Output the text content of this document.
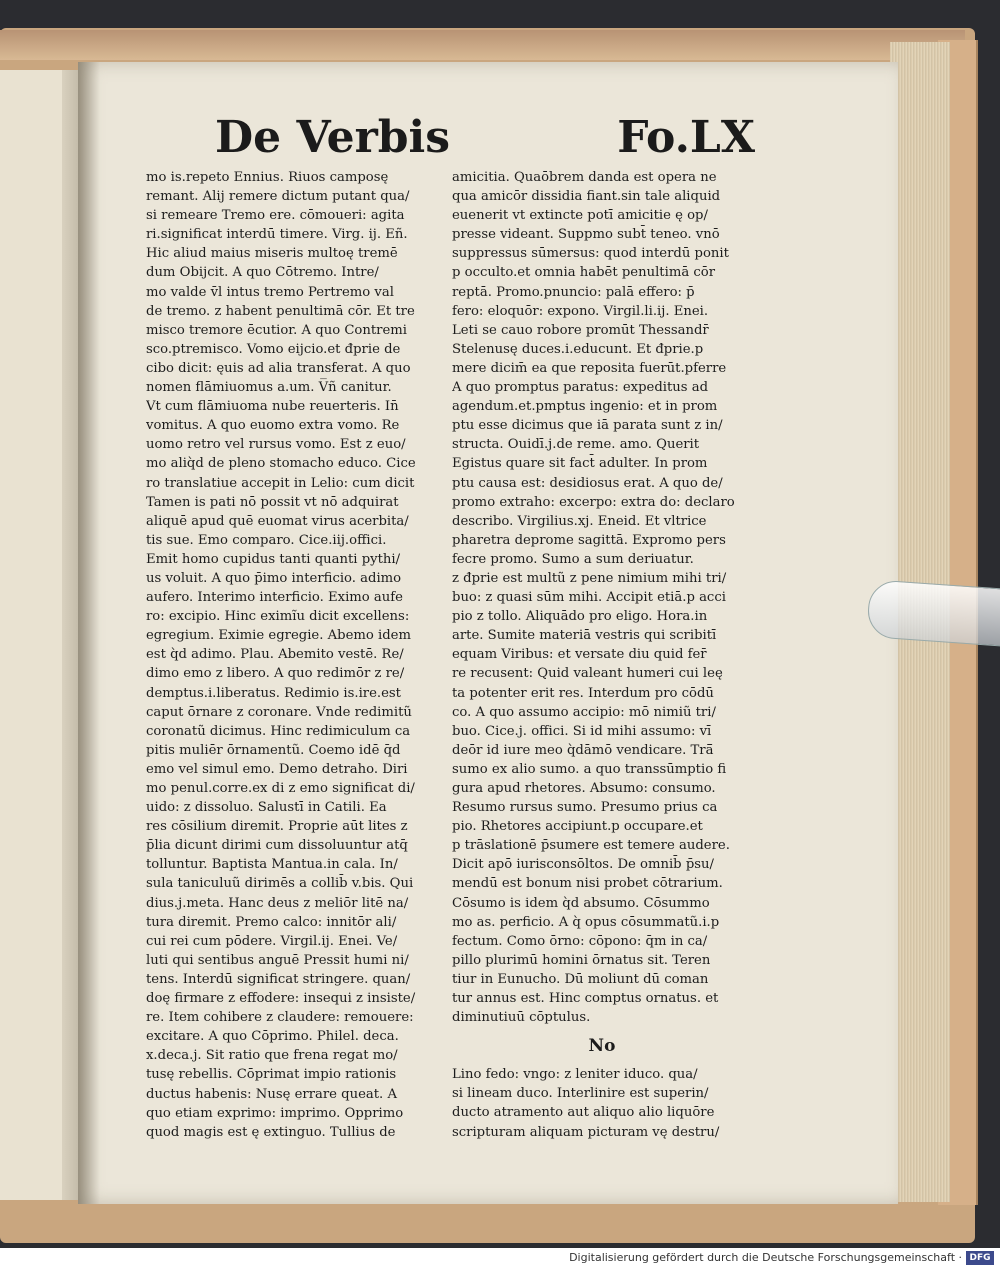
De Verbis	Fo.LX
mo is.repeto Ennius. Riuos camposę
remant. Alij remere dictum putant qua/
si remeare Tremo ere. cōmoueri: agita
ri.significat interdū timere. Virg. ij. Eñ.
Hic aliud maius miseris multoę tremē
dum Obijcit. A quo Cōtremo. Intre/
mo valde v̄l intus tremo Pertremo val
de tremo. z habent penultimā cōr. Et tre
misco tremore ēcutior. A quo Contremi
sco.ptremisco. Vomo eijcio.et đprie de
cibo dicit: ęuis ad alia transferat. A quo
nomen flāmiuomus a.um. V̅ñ canitur.
Vt cum flāmiuoma nube reuerteris. In̄
vomitus. A quo euomo extra vomo. Re
uomo retro vel rursus vomo. Est z euo/
mo aliq̀d de pleno stomacho educo. Cice
ro translatiue accepit in Lelio: cum dicit
Tamen is pati nō possit vt nō adquirat
aliquē apud quē euomat virus acerbita/
tis sue. Emo comparo. Cice.iij.offici.
Emit homo cupidus tanti quanti pythi/
us voluit. A quo p̄imo interficio. adimo
aufero. Interimo interficio. Eximo aufe
ro: excipio. Hinc eximĩu dicit excellens:
egregium. Eximie egregie. Abemo idem
est q̀d adimo. Plau. Abemito vestē. Re/
dimo emo z libero. A quo redimōr z re/
demptus.i.liberatus. Redimio is.ire.est
caput ōrnare z coronare. Vnde redimitũ
coronatũ dicimus. Hinc redimiculum ca
pitis muliēr ōrnamentũ. Coemo idē q̄d
emo vel simul emo. Demo detraho. Diri
mo penul.corre.ex di z emo significat di/
uido: z dissoluo. Salustī in Catili. Ea
res cōsilium diremit. Proprie aūt lites z
p̄lia dicunt dirimi cum dissoluuntur atq̄
tolluntur. Baptista Mantua.in cala. In/
sula taniculuũ dirimēs a collib̄ v.bis. Qui
dius.j.meta. Hanc deus z meliōr litē na/
tura diremit. Premo calco: innitōr ali/
cui rei cum pōdere. Virgil.ij. Enei. Ve/
luti qui sentibus anguē Pressit humi ni/
tens. Interdū significat stringere. quan/
doę firmare z effodere: insequi z insiste/
re. Item cohibere z claudere: remouere:
excitare. A quo Cōprimo. Philel. deca.
x.deca.j. Sit ratio que frena regat mo/
tusę rebellis. Cōprimat impio rationis
ductus habenis: Nusę errare queat. A
quo etiam exprimo: imprimo. Opprimo
quod magis est ę extinguo. Tullius de
amicitia. Quaōbrem danda est opera ne
qua amicōr dissidia fiant.sin tale aliquid
euenerit vt extincte potī amicitie ę op/
presse videant. Suppmo subt̄ teneo. vnō
suppressus sūmersus: quod interdū ponit
p occulto.et omnia habēt penultimā cōr
reptā. Promo.pnuncio: palā effero: p̄
fero: eloquōr: expono. Virgil.li.ij. Enei.
Leti se cauo robore promūt Thessandr̄
Stelenusę duces.i.educunt. Et đprie.p
mere dicim̄ ea que reposita fuerūt.pferre
A quo promptus paratus: expeditus ad
agendum.et.pmptus ingenio: et in prom
ptu esse dicimus que iā parata sunt z in/
structa. Ouidī.j.de reme. amo. Querit
Egistus quare sit fact̄ adulter. In prom
ptu causa est: desidiosus erat. A quo de/
promo extraho: excerpo: extra do: declaro
describo. Virgilius.xj. Eneid. Et vltrice
pharetra deprome sagittā. Expromo pers
fecre promo. Sumo a sum deriuatur.
z đprie est multũ z pene nimium mihi tri/
buo: z quasi sūm mihi. Accipit etiā.p acci
pio z tollo. Aliquādo pro eligo. Hora.in
arte. Sumite materiā vestris qui scribitī
equam Viribus: et versate diu quid fer̄
re recusent: Quid valeant humeri cui leę
ta potenter erit res. Interdum pro cōdū
co. A quo assumo accipio: mō nimiũ tri/
buo. Cice.j. offici. Si id mihi assumo: vī
deōr id iure meo q̀dāmō vendicare. Trā̄
sumo ex alio sumo. a quo transsūmptio fi
gura apud rhetores. Absumo: consumo.
Resumo rursus sumo. Presumo prius ca
pio. Rhetores accipiunt.p occupare.et
p trāslationē p̄sumere est temere audere.
Dicit apō iurisconsōltos. De omnib̄ p̄su/
mendū est bonum nisi probet cōtrarium.
Cōsumo is idem q̀d absumo. Cōsummo
mo as. perficio. A q̀ opus cōsummatũ.i.p
fectum. Como ōrno: cōpono: q̄m in ca/
pillo plurimū homini ōrnatus sit. Teren
tiur in Eunucho. Dū moliunt dū coman
tur annus est. Hinc comptus ornatus. et
diminutiuū cōptulus.
No
Lino fedo: vngo: z leniter iduco. qua/
si lineam duco. Interlinire est superin/
ducto atramento aut aliquo alio liquōre
scripturam aliquam picturam vę destru/
Digitalisierung gefördert durch die Deutsche Forschungsgemeinschaft · DFG
